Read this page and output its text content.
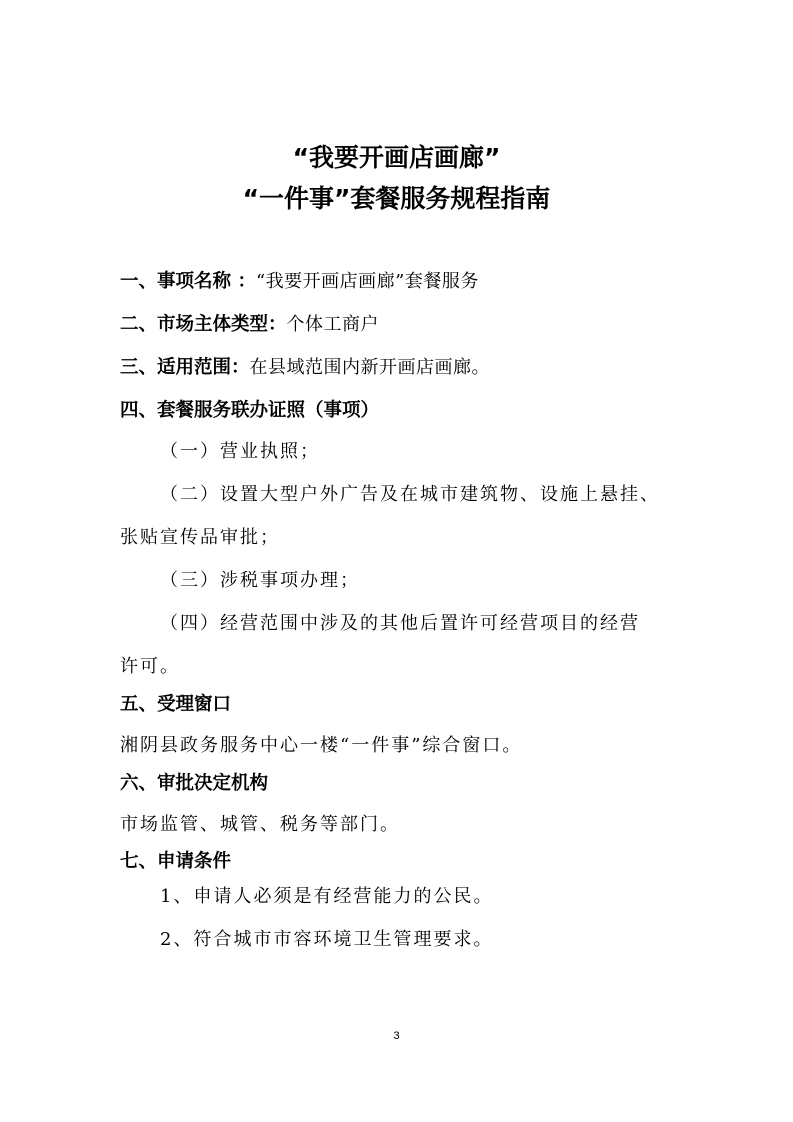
“我要开画店画廊”
“一件事”套餐服务规程指南
一、事项名称 ：“我要开画店画廊”套餐服务
二、市场主体类型：个体工商户
三、适用范围：在县域范围内新开画店画廊。
四、套餐服务联办证照（事项）
（一）营业执照；
（二）设置大型户外广告及在城市建筑物、设施上悬挂、
张贴宣传品审批；
（三）涉税事项办理；
（四）经营范围中涉及的其他后置许可经营项目的经营
许可。
五、受理窗口
湘阴县政务服务中心一楼“一件事”综合窗口。
六、审批决定机构
市场监管、城管、税务等部门。
七、申请条件
1、申请人必须是有经营能力的公民。
2、符合城市市容环境卫生管理要求。
3
